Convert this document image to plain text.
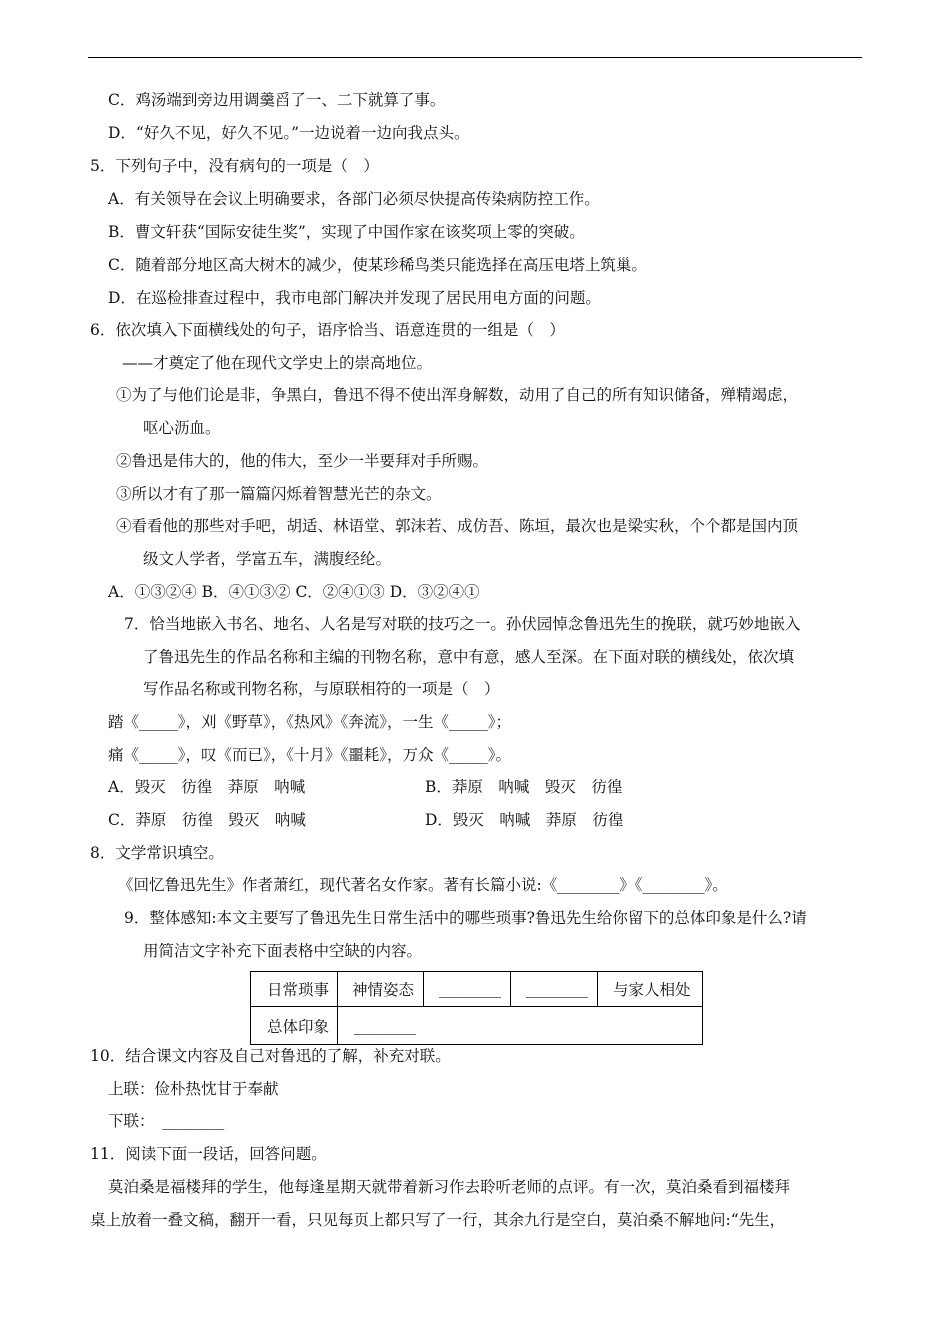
C．鸡汤端到旁边用调羹舀了一、二下就算了事。
D．“好久不见，好久不见。”一边说着一边向我点头。
5．下列句子中，没有病句的一项是（　）
A．有关领导在会议上明确要求，各部门必须尽快提高传染病防控工作。
B．曹文轩获“国际安徒生奖”，实现了中国作家在该奖项上零的突破。
C．随着部分地区高大树木的减少，使某珍稀鸟类只能选择在高压电塔上筑巢。
D．在巡检排查过程中，我市电部门解决并发现了居民用电方面的问题。
6．依次填入下面横线处的句子，语序恰当、语意连贯的一组是（　）
——才奠定了他在现代文学史上的崇高地位。
①为了与他们论是非，争黑白，鲁迅不得不使出浑身解数，动用了自己的所有知识储备，殚精竭虑，
呕心沥血。
②鲁迅是伟大的，他的伟大，至少一半要拜对手所赐。
③所以才有了那一篇篇闪烁着智慧光芒的杂文。
④看看他的那些对手吧，胡适、林语堂、郭沫若、成仿吾、陈垣，最次也是梁实秋，个个都是国内顶
级文人学者，学富五车，满腹经纶。
A．①③②④ B．④①③② C．②④①③ D．③②④①
7．恰当地嵌入书名、地名、人名是写对联的技巧之一。孙伏园悼念鲁迅先生的挽联，就巧妙地嵌入
了鲁迅先生的作品名称和主编的刊物名称，意中有意，感人至深。在下面对联的横线处，依次填
写作品名称或刊物名称，与原联相符的一项是（　）
踏《_____》，刈《野草》，《热风》《奔流》，一生《_____》；
痛《_____》，叹《而已》，《十月》《噩耗》，万众《_____》。
A．毁灭　彷徨　莽原　呐喊	B．莽原　呐喊　毁灭　彷徨
C．莽原　彷徨　毁灭　呐喊	D．毁灭　呐喊　莽原　彷徨
8．文学常识填空。
《回忆鲁迅先生》作者萧红，现代著名女作家。著有长篇小说:《________》《________》。
9．整体感知:本文主要写了鲁迅先生日常生活中的哪些琐事?鲁迅先生给你留下的总体印象是什么?请
用简洁文字补充下面表格中空缺的内容。
日常琐事	神情姿态	________	________	与家人相处
总体印象	________			
10．结合课文内容及自己对鲁迅的了解，补充对联。
上联：俭朴热忱甘于奉献
下联：　________
11．阅读下面一段话，回答问题。
莫泊桑是福楼拜的学生，他每逢星期天就带着新习作去聆听老师的点评。有一次，莫泊桑看到福楼拜
桌上放着一叠文稿，翻开一看，只见每页上都只写了一行，其余九行是空白，莫泊桑不解地问:“先生，
